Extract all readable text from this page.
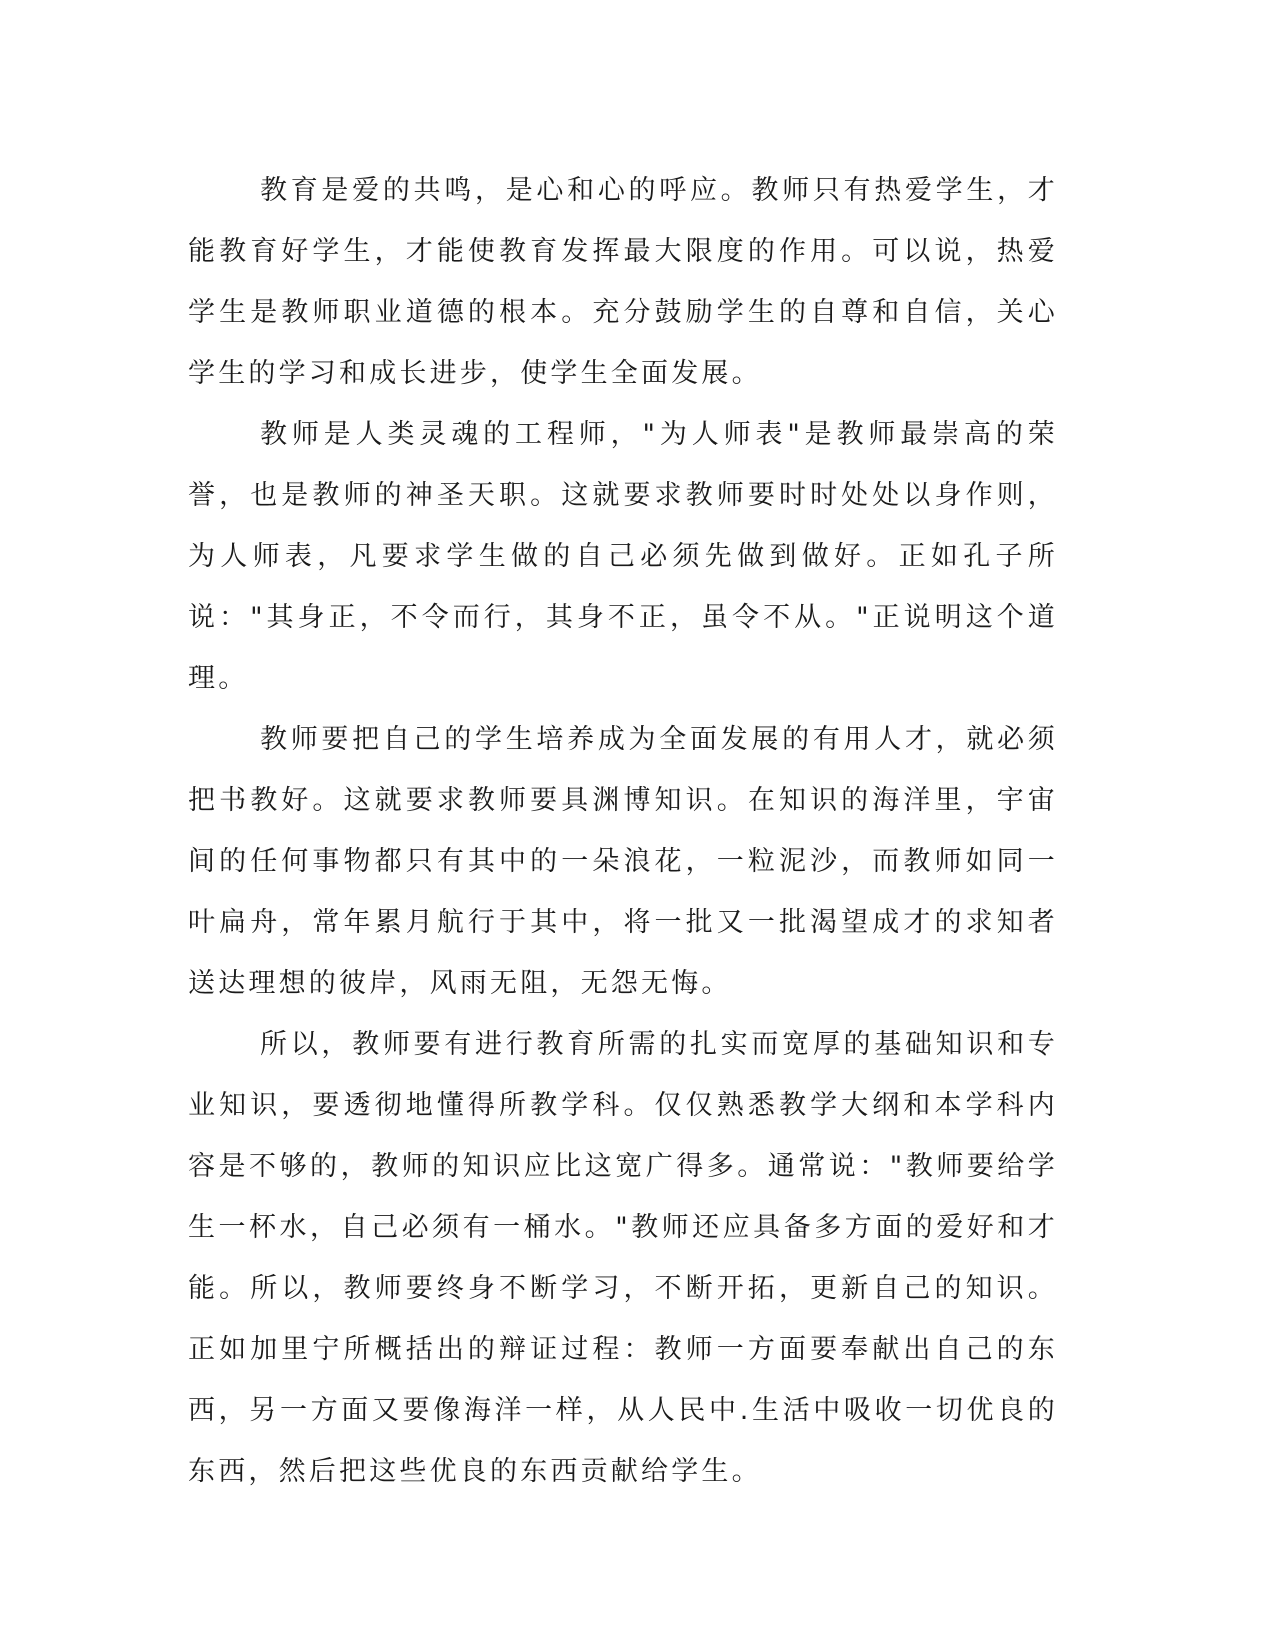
教育是爱的共鸣，是心和心的呼应。教师只有热爱学生，才能教育好学生，才能使教育发挥最大限度的作用。可以说，热爱学生是教师职业道德的根本。充分鼓励学生的自尊和自信，关心学生的学习和成长进步，使学生全面发展。

教师是人类灵魂的工程师，"为人师表"是教师最崇高的荣誉，也是教师的神圣天职。这就要求教师要时时处处以身作则，为人师表，凡要求学生做的自己必须先做到做好。正如孔子所说："其身正，不令而行，其身不正，虽令不从。"正说明这个道理。

教师要把自己的学生培养成为全面发展的有用人才，就必须把书教好。这就要求教师要具渊博知识。在知识的海洋里，宇宙间的任何事物都只有其中的一朵浪花，一粒泥沙，而教师如同一叶扁舟，常年累月航行于其中，将一批又一批渴望成才的求知者送达理想的彼岸，风雨无阻，无怨无悔。

所以，教师要有进行教育所需的扎实而宽厚的基础知识和专业知识，要透彻地懂得所教学科。仅仅熟悉教学大纲和本学科内容是不够的，教师的知识应比这宽广得多。通常说："教师要给学生一杯水，自己必须有一桶水。"教师还应具备多方面的爱好和才能。所以，教师要终身不断学习，不断开拓，更新自己的知识。正如加里宁所概括出的辩证过程：教师一方面要奉献出自己的东西，另一方面又要像海洋一样，从人民中.生活中吸收一切优良的东西，然后把这些优良的东西贡献给学生。
